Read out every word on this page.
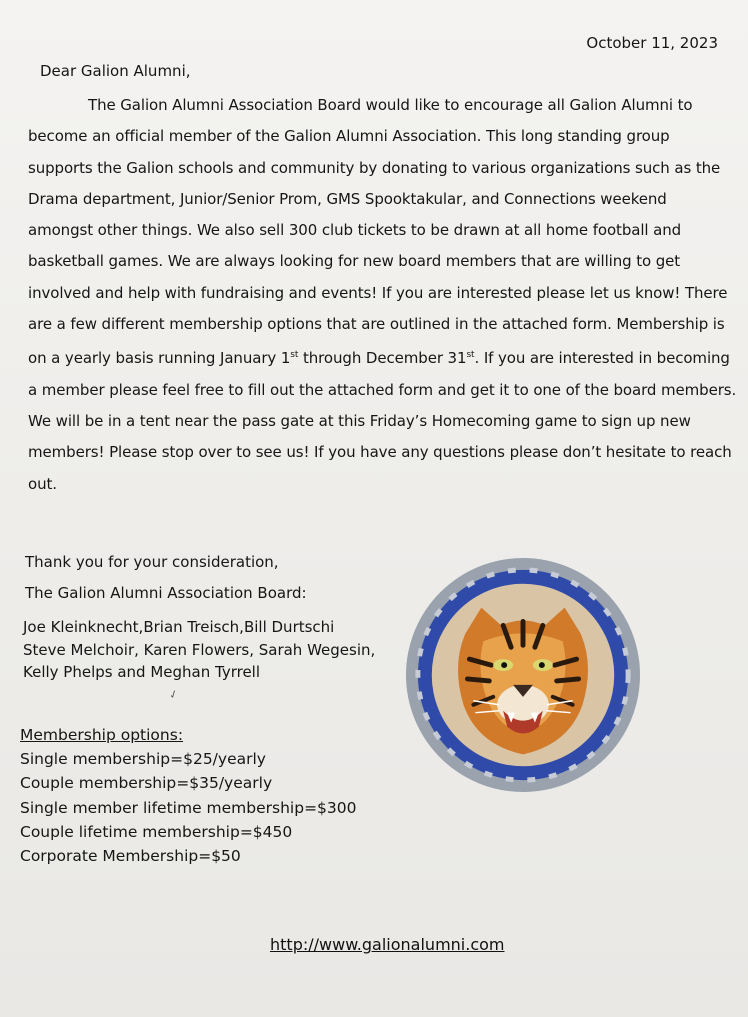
October 11, 2023
Dear Galion Alumni,
The Galion Alumni Association Board would like to encourage all Galion Alumni to
become an official member of the Galion Alumni Association. This long standing group
supports the Galion schools and community by donating to various organizations such as the
Drama department, Junior/Senior Prom, GMS Spooktakular, and Connections weekend
amongst other things. We also sell 300 club tickets to be drawn at all home football and
basketball games. We are always looking for new board members that are willing to get
involved and help with fundraising and events! If you are interested please let us know! There
are a few different membership options that are outlined in the attached form. Membership is
on a yearly basis running January 1st through December 31st. If you are interested in becoming
a member please feel free to fill out the attached form and get it to one of the board members.
We will be in a tent near the pass gate at this Friday’s Homecoming game to sign up new
members! Please stop over to see us! If you have any questions please don’t hesitate to reach
out.
Thank you for your consideration,
The Galion Alumni Association Board:
Joe Kleinknecht,Brian Treisch,Bill Durtschi
Steve Melchoir, Karen Flowers, Sarah Wegesin,
Kelly Phelps and Meghan Tyrrell
✓
Membership options:
Single membership=$25/yearly
Couple membership=$35/yearly
Single member lifetime membership=$300
Couple lifetime membership=$450
Corporate Membership=$50
http://www.galionalumni.com
